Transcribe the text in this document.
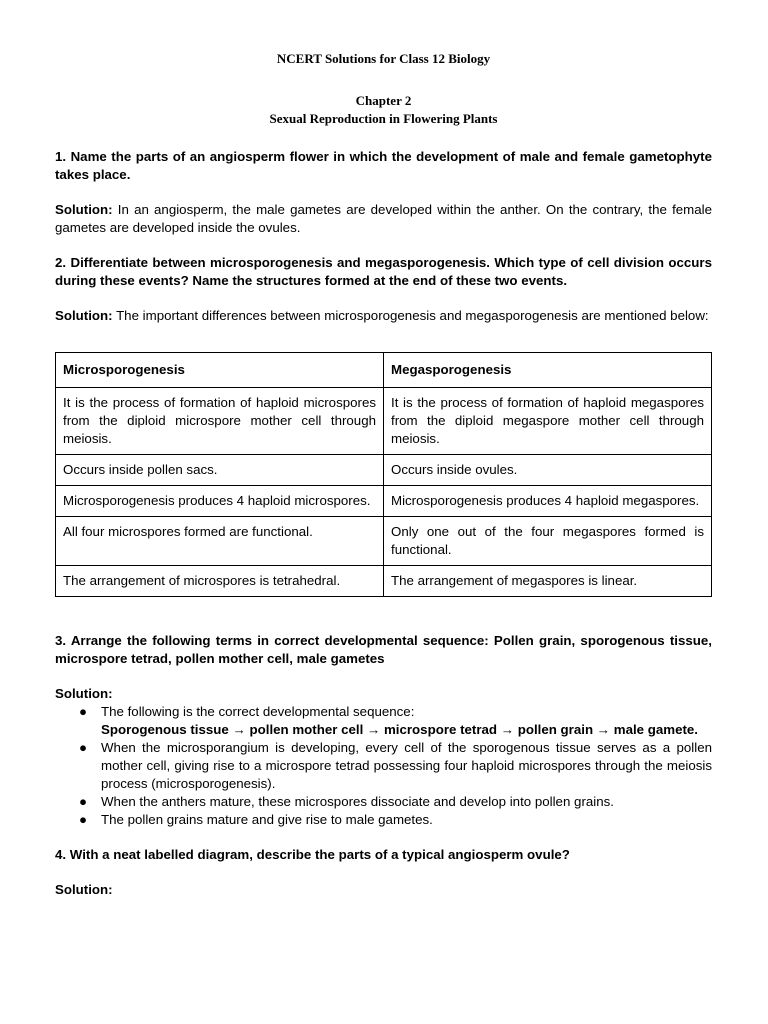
NCERT Solutions for Class 12 Biology

Chapter 2

Sexual Reproduction in Flowering Plants

1. Name the parts of an angiosperm flower in which the development of male and female gametophyte takes place.

Solution: In an angiosperm, the male gametes are developed within the anther. On the contrary, the female gametes are developed inside the ovules.

2. Differentiate between microsporogenesis and megasporogenesis. Which type of cell division occurs during these events? Name the structures formed at the end of these two events.

Solution: The important differences between microsporogenesis and megasporogenesis are mentioned below:

Microsporogenesis	Megasporogenesis
It is the process of formation of haploid microspores from the diploid microspore mother cell through meiosis.	It is the process of formation of haploid megaspores from the diploid megaspore mother cell through meiosis.
Occurs inside pollen sacs.	Occurs inside ovules.
Microsporogenesis produces 4 haploid microspores.	Microsporogenesis produces 4 haploid megaspores.
All four microspores formed are functional.	Only one out of the four megaspores formed is functional.
The arrangement of microspores is tetrahedral.	The arrangement of megaspores is linear.

3. Arrange the following terms in correct developmental sequence: Pollen grain, sporogenous tissue, microspore tetrad, pollen mother cell, male gametes

Solution:

● The following is the correct developmental sequence:
Sporogenous tissue → pollen mother cell → microspore tetrad → pollen grain → male gamete.
● When the microsporangium is developing, every cell of the sporogenous tissue serves as a pollen mother cell, giving rise to a microspore tetrad possessing four haploid microspores through the meiosis process (microsporogenesis).
● When the anthers mature, these microspores dissociate and develop into pollen grains.
● The pollen grains mature and give rise to male gametes.

4. With a neat labelled diagram, describe the parts of a typical angiosperm ovule?

Solution:
